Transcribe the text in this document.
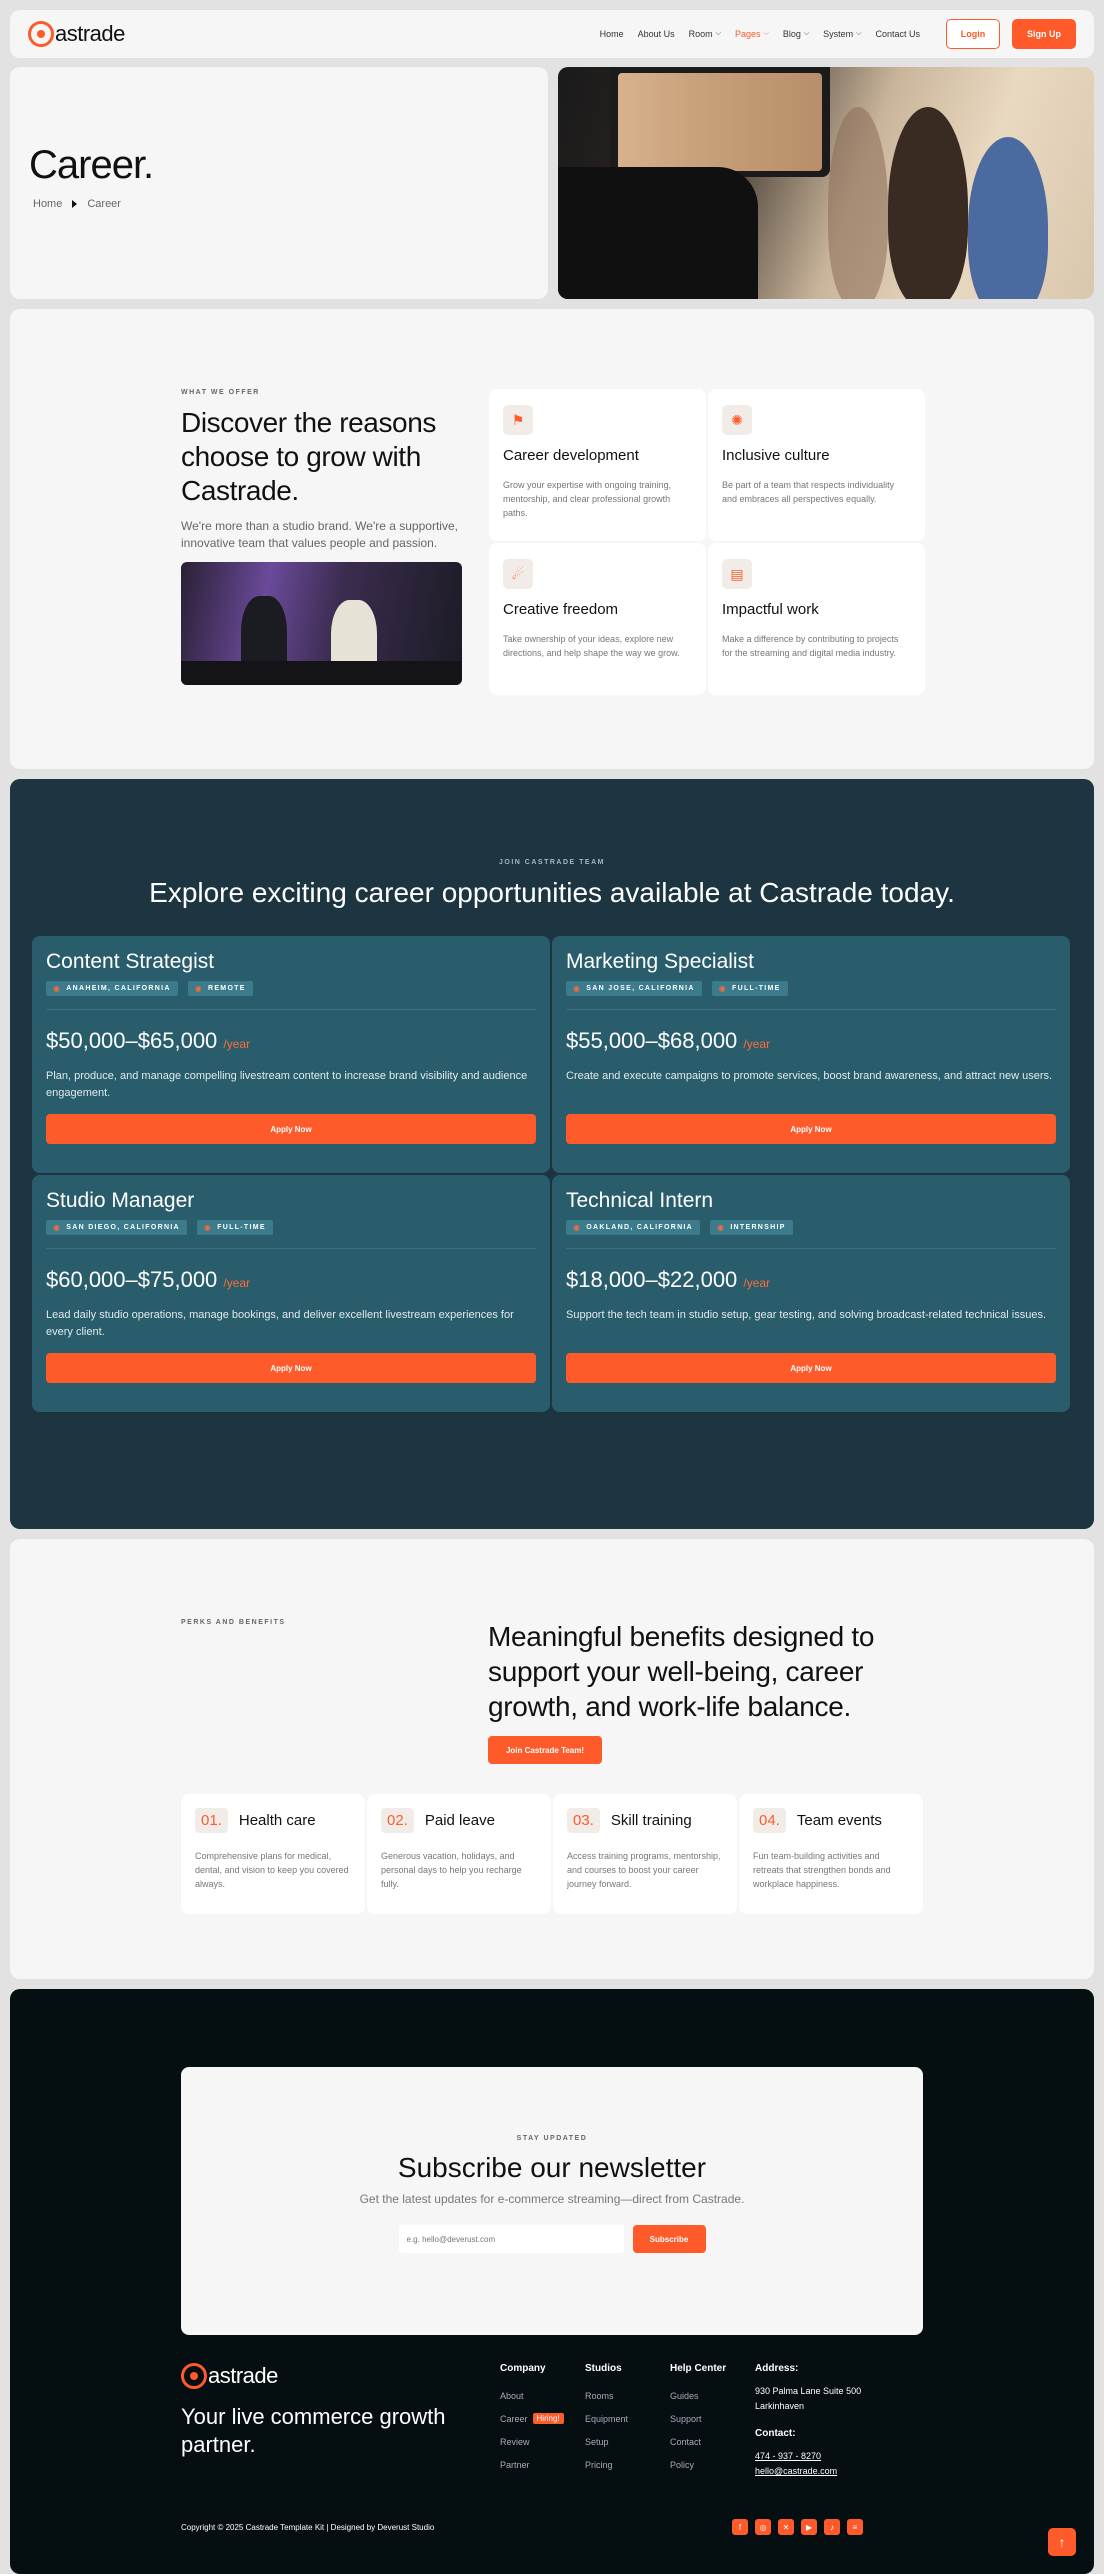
astrade	Home About Us Room ⌵ Pages ⌵ Blog ⌵ System ⌵ Contact Us	Login	Sign Up
Career.
Home Career
WHAT WE OFFER
Discover the reasons choose to grow with Castrade.

We're more than a studio brand. We're a supportive, innovative team that values people and passion.

⚑
Career development

Grow your expertise with ongoing training, mentorship, and clear professional growth paths.

✺
Inclusive culture

Be part of a team that respects individuality and embraces all perspectives equally.

☄
Creative freedom

Take ownership of your ideas, explore new directions, and help shape the way we grow.

▤
Impactful work

Make a difference by contributing to projects for the streaming and digital media industry.

JOIN CASTRADE TEAM
Explore exciting career opportunities available at Castrade today.
Content Strategist
◉ ANAHEIM, CALIFORNIA	◉ REMOTE
$50,000–$65,000 /year

Plan, produce, and manage compelling livestream content to increase brand visibility and audience engagement.

Apply Now
Marketing Specialist
◉ SAN JOSE, CALIFORNIA	◉ FULL-TIME
$55,000–$68,000 /year

Create and execute campaigns to promote services, boost brand awareness, and attract new users.

Apply Now
Studio Manager
◉ SAN DIEGO, CALIFORNIA	◉ FULL-TIME
$60,000–$75,000 /year

Lead daily studio operations, manage bookings, and deliver excellent livestream experiences for every client.

Apply Now
Technical Intern
◉ OAKLAND, CALIFORNIA	◉ INTERNSHIP
$18,000–$22,000 /year

Support the tech team in studio setup, gear testing, and solving broadcast-related technical issues.

Apply Now
PERKS AND BENEFITS	Meaningful benefits designed to support your well-being, career growth, and work-life balance.
Join Castrade Team!
01.	Health care

Comprehensive plans for medical, dental, and vision to keep you covered always.

02.	Paid leave

Generous vacation, holidays, and personal days to help you recharge fully.

03.	Skill training

Access training programs, mentorship, and courses to boost your career journey forward.

04.	Team events

Fun team-building activities and retreats that strengthen bonds and workplace happiness.

STAY UPDATED
Subscribe our newsletter

Get the latest updates for e-commerce streaming—direct from Castrade.

e.g. hello@deverust.com
Subscribe
astrade

Your live commerce growth partner.

Company
About
Career	Hiring!
Review
Partner
Studios
Rooms
Equipment
Setup
Pricing
Help Center
Guides
Support
Contact
Policy
Address:

930 Palma Lane Suite 500 Larkinhaven

Contact:
474 - 937 - 8270
hello@castrade.com
Copyright © 2025 Castrade Template Kit | Designed by Deverust Studio	f	◎	✕	▶	♪	≡
↑
